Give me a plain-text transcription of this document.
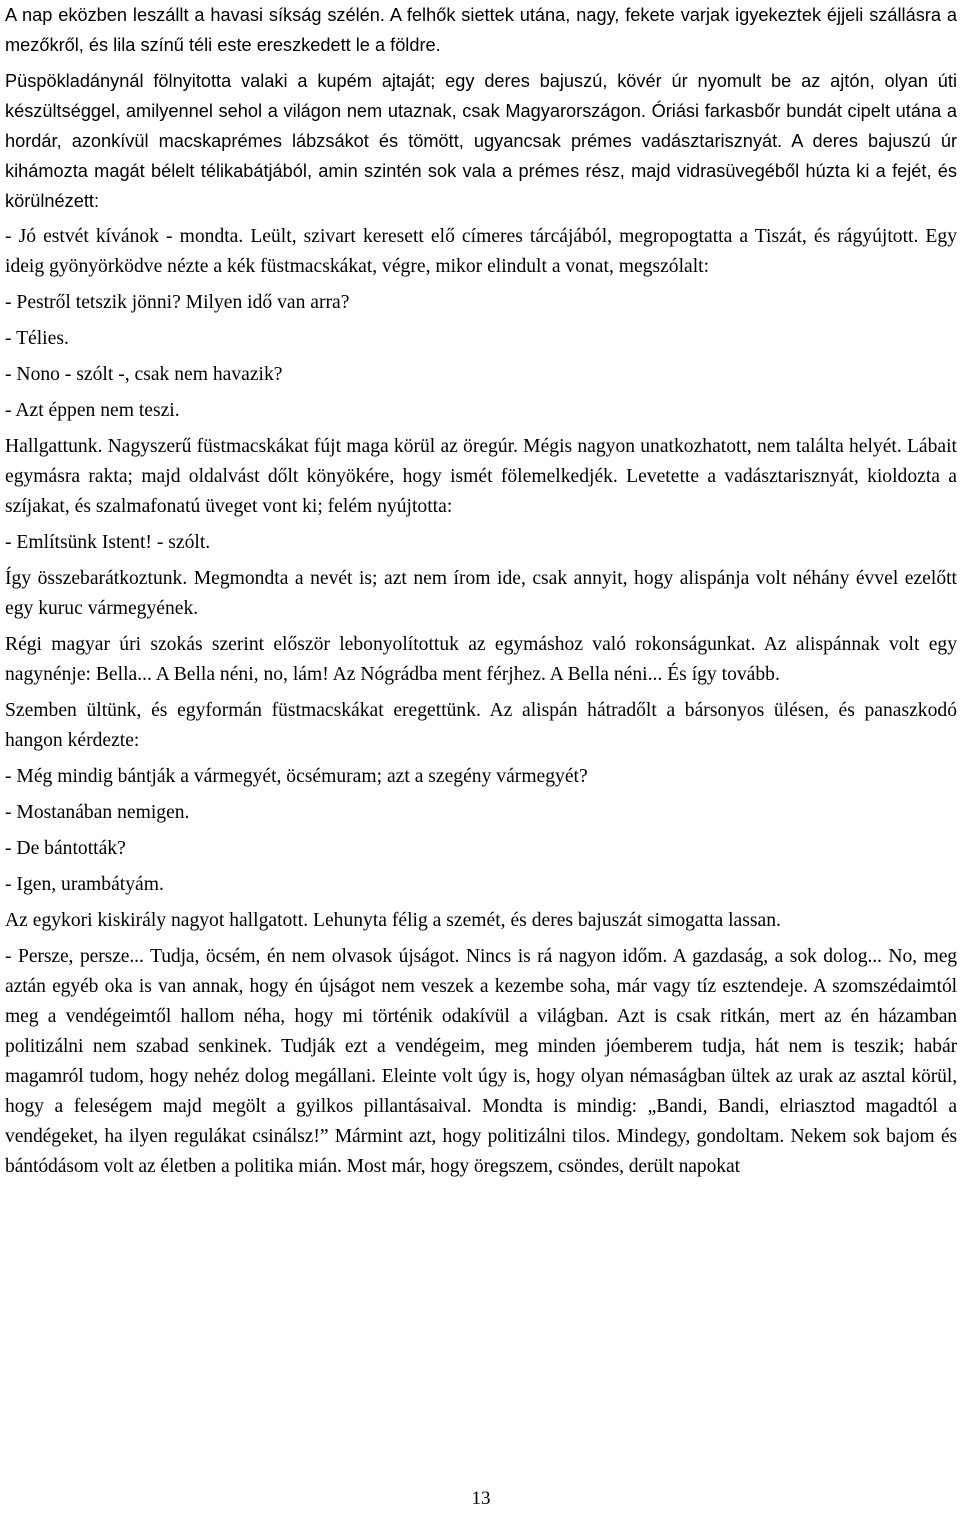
A nap eközben leszállt a havasi síkság szélén. A felhők siettek utána, nagy, fekete varjak igyekeztek éjjeli szállásra a mezőkről, és lila színű téli este ereszkedett le a földre.

Püspökladánynál fölnyitotta valaki a kupém ajtaját; egy deres bajuszú, kövér úr nyomult be az ajtón, olyan úti készültséggel, amilyennel sehol a világon nem utaznak, csak Magyarországon. Óriási farkasbőr bundát cipelt utána a hordár, azonkívül macskaprémes lábzsákot és tömött, ugyancsak prémes vadásztarisznyát. A deres bajuszú úr kihámozta magát bélelt télikabátjából, amin szintén sok vala a prémes rész, majd vidrasüvegéből húzta ki a fejét, és körülnézett:

- Jó estvét kívánok - mondta. Leült, szivart keresett elő címeres tárcájából, megropogtatta a Tiszát, és rágyújtott. Egy ideig gyönyörködve nézte a kék füstmacskákat, végre, mikor elindult a vonat, megszólalt:

- Pestről tetszik jönni? Milyen idő van arra?

- Télies.

- Nono - szólt -, csak nem havazik?

- Azt éppen nem teszi.

Hallgattunk. Nagyszerű füstmacskákat fújt maga körül az öregúr. Mégis nagyon unatkozhatott, nem találta helyét. Lábait egymásra rakta; majd oldalvást dőlt könyökére, hogy ismét fölemelkedjék. Levetette a vadásztarisznyát, kioldozta a szíjakat, és szalmafonatú üveget vont ki; felém nyújtotta:

- Említsünk Istent! - szólt.

Így összebarátkoztunk. Megmondta a nevét is; azt nem írom ide, csak annyit, hogy alispánja volt néhány évvel ezelőtt egy kuruc vármegyének.

Régi magyar úri szokás szerint először lebonyolítottuk az egymáshoz való rokonságunkat. Az alispánnak volt egy nagynénje: Bella... A Bella néni, no, lám! Az Nógrádba ment férjhez. A Bella néni... És így tovább.

Szemben ültünk, és egyformán füstmacskákat eregettünk. Az alispán hátradőlt a bársonyos ülésen, és panaszkodó hangon kérdezte:

- Még mindig bántják a vármegyét, öcsémuram; azt a szegény vármegyét?

- Mostanában nemigen.

- De bántották?

- Igen, urambátyám.

Az egykori kiskirály nagyot hallgatott. Lehunyta félig a szemét, és deres bajuszát simogatta lassan.

- Persze, persze... Tudja, öcsém, én nem olvasok újságot. Nincs is rá nagyon időm. A gazdaság, a sok dolog... No, meg aztán egyéb oka is van annak, hogy én újságot nem veszek a kezembe soha, már vagy tíz esztendeje. A szomszédaimtól meg a vendégeimtől hallom néha, hogy mi történik odakívül a világban. Azt is csak ritkán, mert az én házamban politizálni nem szabad senkinek. Tudják ezt a vendégeim, meg minden jóemberem tudja, hát nem is teszik; habár magamról tudom, hogy nehéz dolog megállani. Eleinte volt úgy is, hogy olyan némaságban ültek az urak az asztal körül, hogy a feleségem majd megölt a gyilkos pillantásaival. Mondta is mindig: „Bandi, Bandi, elriasztod magadtól a vendégeket, ha ilyen regulákat csinálsz!” Mármint azt, hogy politizálni tilos. Mindegy, gondoltam. Nekem sok bajom és bántódásom volt az életben a politika mián. Most már, hogy öregszem, csöndes, derült napokat

13
